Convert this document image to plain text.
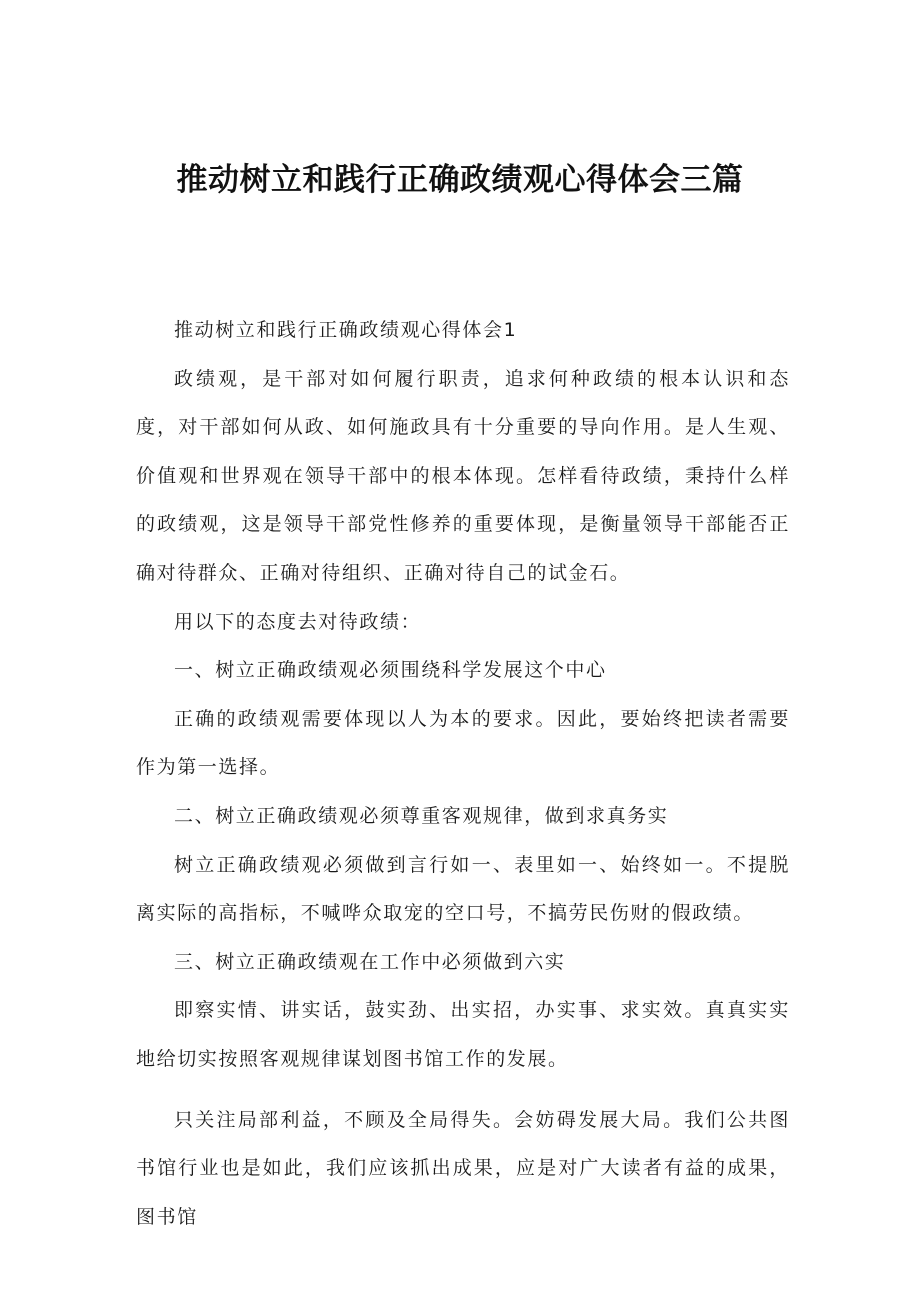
推动树立和践行正确政绩观心得体会三篇

推动树立和践行正确政绩观心得体会1

政绩观，是干部对如何履行职责，追求何种政绩的根本认识和态度，对干部如何从政、如何施政具有十分重要的导向作用。是人生观、价值观和世界观在领导干部中的根本体现。怎样看待政绩，秉持什么样的政绩观，这是领导干部党性修养的重要体现，是衡量领导干部能否正确对待群众、正确对待组织、正确对待自己的试金石。

用以下的态度去对待政绩：

一、树立正确政绩观必须围绕科学发展这个中心

正确的政绩观需要体现以人为本的要求。因此，要始终把读者需要作为第一选择。

二、树立正确政绩观必须尊重客观规律，做到求真务实

树立正确政绩观必须做到言行如一、表里如一、始终如一。不提脱离实际的高指标，不喊哗众取宠的空口号，不搞劳民伤财的假政绩。

三、树立正确政绩观在工作中必须做到六实

即察实情、讲实话，鼓实劲、出实招，办实事、求实效。真真实实地给切实按照客观规律谋划图书馆工作的发展。

只关注局部利益，不顾及全局得失。会妨碍发展大局。我们公共图书馆行业也是如此，我们应该抓出成果，应是对广大读者有益的成果，图书馆
